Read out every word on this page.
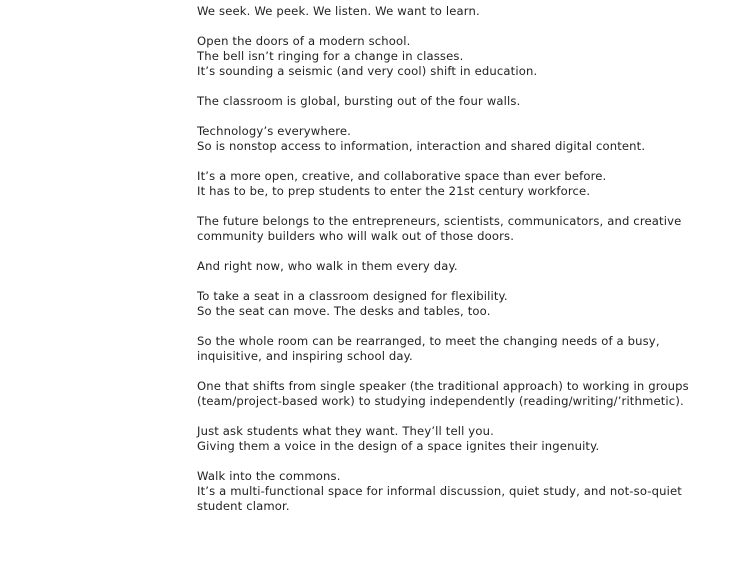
We seek. We peek. We listen. We want to learn.
Open the doors of a modern school.
The bell isn’t ringing for a change in classes.
It’s sounding a seismic (and very cool) shift in education.
The classroom is global, bursting out of the four walls.
Technology’s everywhere.
So is nonstop access to information, interaction and shared digital content.
It’s a more open, creative, and collaborative space than ever before.
It has to be, to prep students to enter the 21st century workforce.
The future belongs to the entrepreneurs, scientists, communicators, and creative
community builders who will walk out of those doors.
And right now, who walk in them every day.
To take a seat in a classroom designed for flexibility.
So the seat can move. The desks and tables, too.
So the whole room can be rearranged, to meet the changing needs of a busy,
inquisitive, and inspiring school day.
One that shifts from single speaker (the traditional approach) to working in groups
(team/project-based work) to studying independently (reading/writing/’rithmetic).
Just ask students what they want. They’ll tell you.
Giving them a voice in the design of a space ignites their ingenuity.
Walk into the commons.
It’s a multi-functional space for informal discussion, quiet study, and not-so-quiet
student clamor.
